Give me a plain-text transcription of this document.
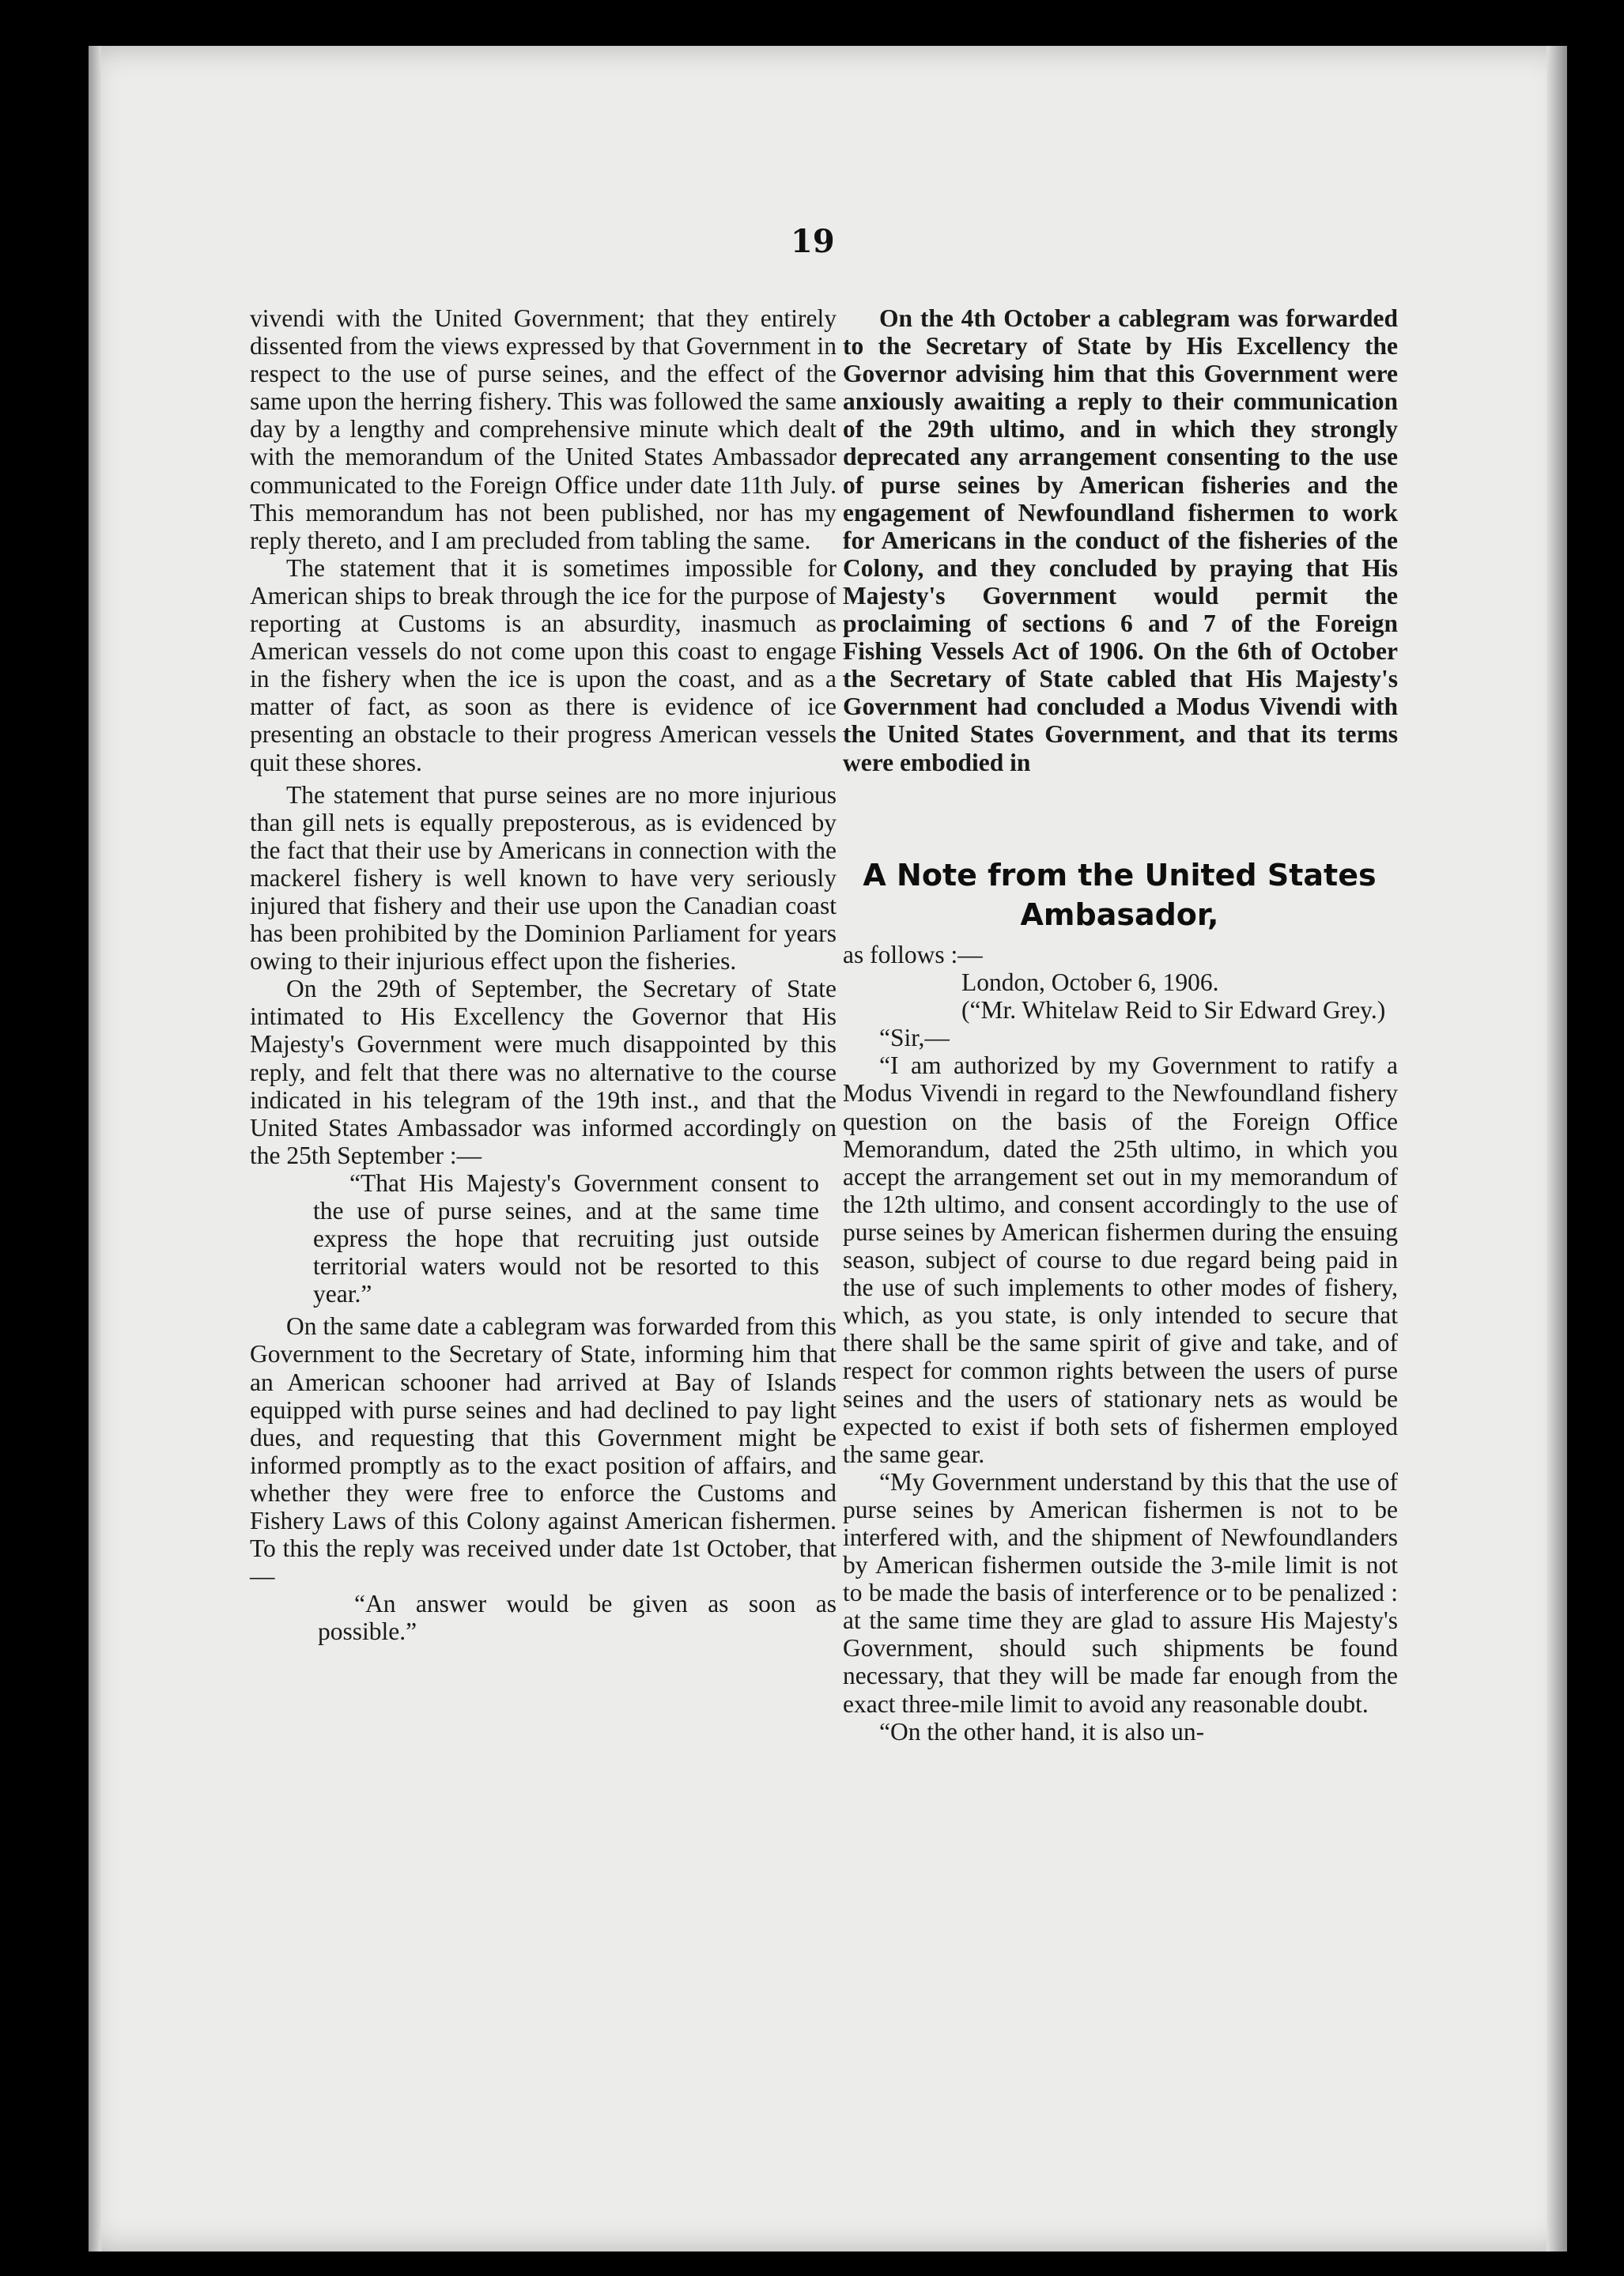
19

vivendi with the United Government; that they entirely dissented from the views expressed by that Government in respect to the use of purse seines, and the effect of the same upon the herring fishery. This was followed the same day by a lengthy and comprehensive minute which dealt with the memorandum of the United States Ambassador communicated to the Foreign Office under date 11th July. This memorandum has not been published, nor has my reply thereto, and I am precluded from tabling the same.

The statement that it is sometimes impossible for American ships to break through the ice for the purpose of reporting at Customs is an absurdity, inasmuch as American vessels do not come upon this coast to engage in the fishery when the ice is upon the coast, and as a matter of fact, as soon as there is evidence of ice presenting an obstacle to their progress American vessels quit these shores.

The statement that purse seines are no more injurious than gill nets is equally preposterous, as is evidenced by the fact that their use by Americans in connection with the mackerel fishery is well known to have very seriously injured that fishery and their use upon the Canadian coast has been prohibited by the Dominion Parliament for years owing to their injurious effect upon the fisheries.

On the 29th of September, the Secretary of State intimated to His Excellency the Governor that His Majesty's Government were much disappointed by this reply, and felt that there was no alternative to the course indicated in his telegram of the 19th inst., and that the United States Ambassador was informed accordingly on the 25th September :—

“That His Majesty's Government consent to the use of purse seines, and at the same time express the hope that recruiting just outside territorial waters would not be resorted to this year.”

On the same date a cablegram was forwarded from this Government to the Secretary of State, informing him that an American schooner had arrived at Bay of Islands equipped with purse seines and had declined to pay light dues, and requesting that this Government might be informed promptly as to the exact position of affairs, and whether they were free to enforce the Customs and Fishery Laws of this Colony against American fishermen. To this the reply was received under date 1st October, that—

“An answer would be given as soon as possible.”

On the 4th October a cablegram was forwarded to the Secretary of State by His Excellency the Governor advising him that this Government were anxiously awaiting a reply to their communication of the 29th ultimo, and in which they strongly deprecated any arrangement consenting to the use of purse seines by American fisheries and the engagement of Newfoundland fishermen to work for Americans in the conduct of the fisheries of the Colony, and they concluded by praying that His Majesty's Government would permit the proclaiming of sections 6 and 7 of the Foreign Fishing Vessels Act of 1906. On the 6th of October the Secretary of State cabled that His Majesty's Government had concluded a Modus Vivendi with the United States Government, and that its terms were embodied in

A Note from the United States Ambasador,

as follows :—

London, October 6, 1906.

(“Mr. Whitelaw Reid to Sir Edward Grey.)

“Sir,—

“I am authorized by my Government to ratify a Modus Vivendi in regard to the Newfoundland fishery question on the basis of the Foreign Office Memorandum, dated the 25th ultimo, in which you accept the arrangement set out in my memorandum of the 12th ultimo, and consent accordingly to the use of purse seines by American fishermen during the ensuing season, subject of course to due regard being paid in the use of such implements to other modes of fishery, which, as you state, is only intended to secure that there shall be the same spirit of give and take, and of respect for common rights between the users of purse seines and the users of stationary nets as would be expected to exist if both sets of fishermen employed the same gear.

“My Government understand by this that the use of purse seines by American fishermen is not to be interfered with, and the shipment of Newfoundlanders by American fishermen outside the 3-mile limit is not to be made the basis of interference or to be penalized : at the same time they are glad to assure His Majesty's Government, should such shipments be found necessary, that they will be made far enough from the exact three-mile limit to avoid any reasonable doubt.

“On the other hand, it is also un-
